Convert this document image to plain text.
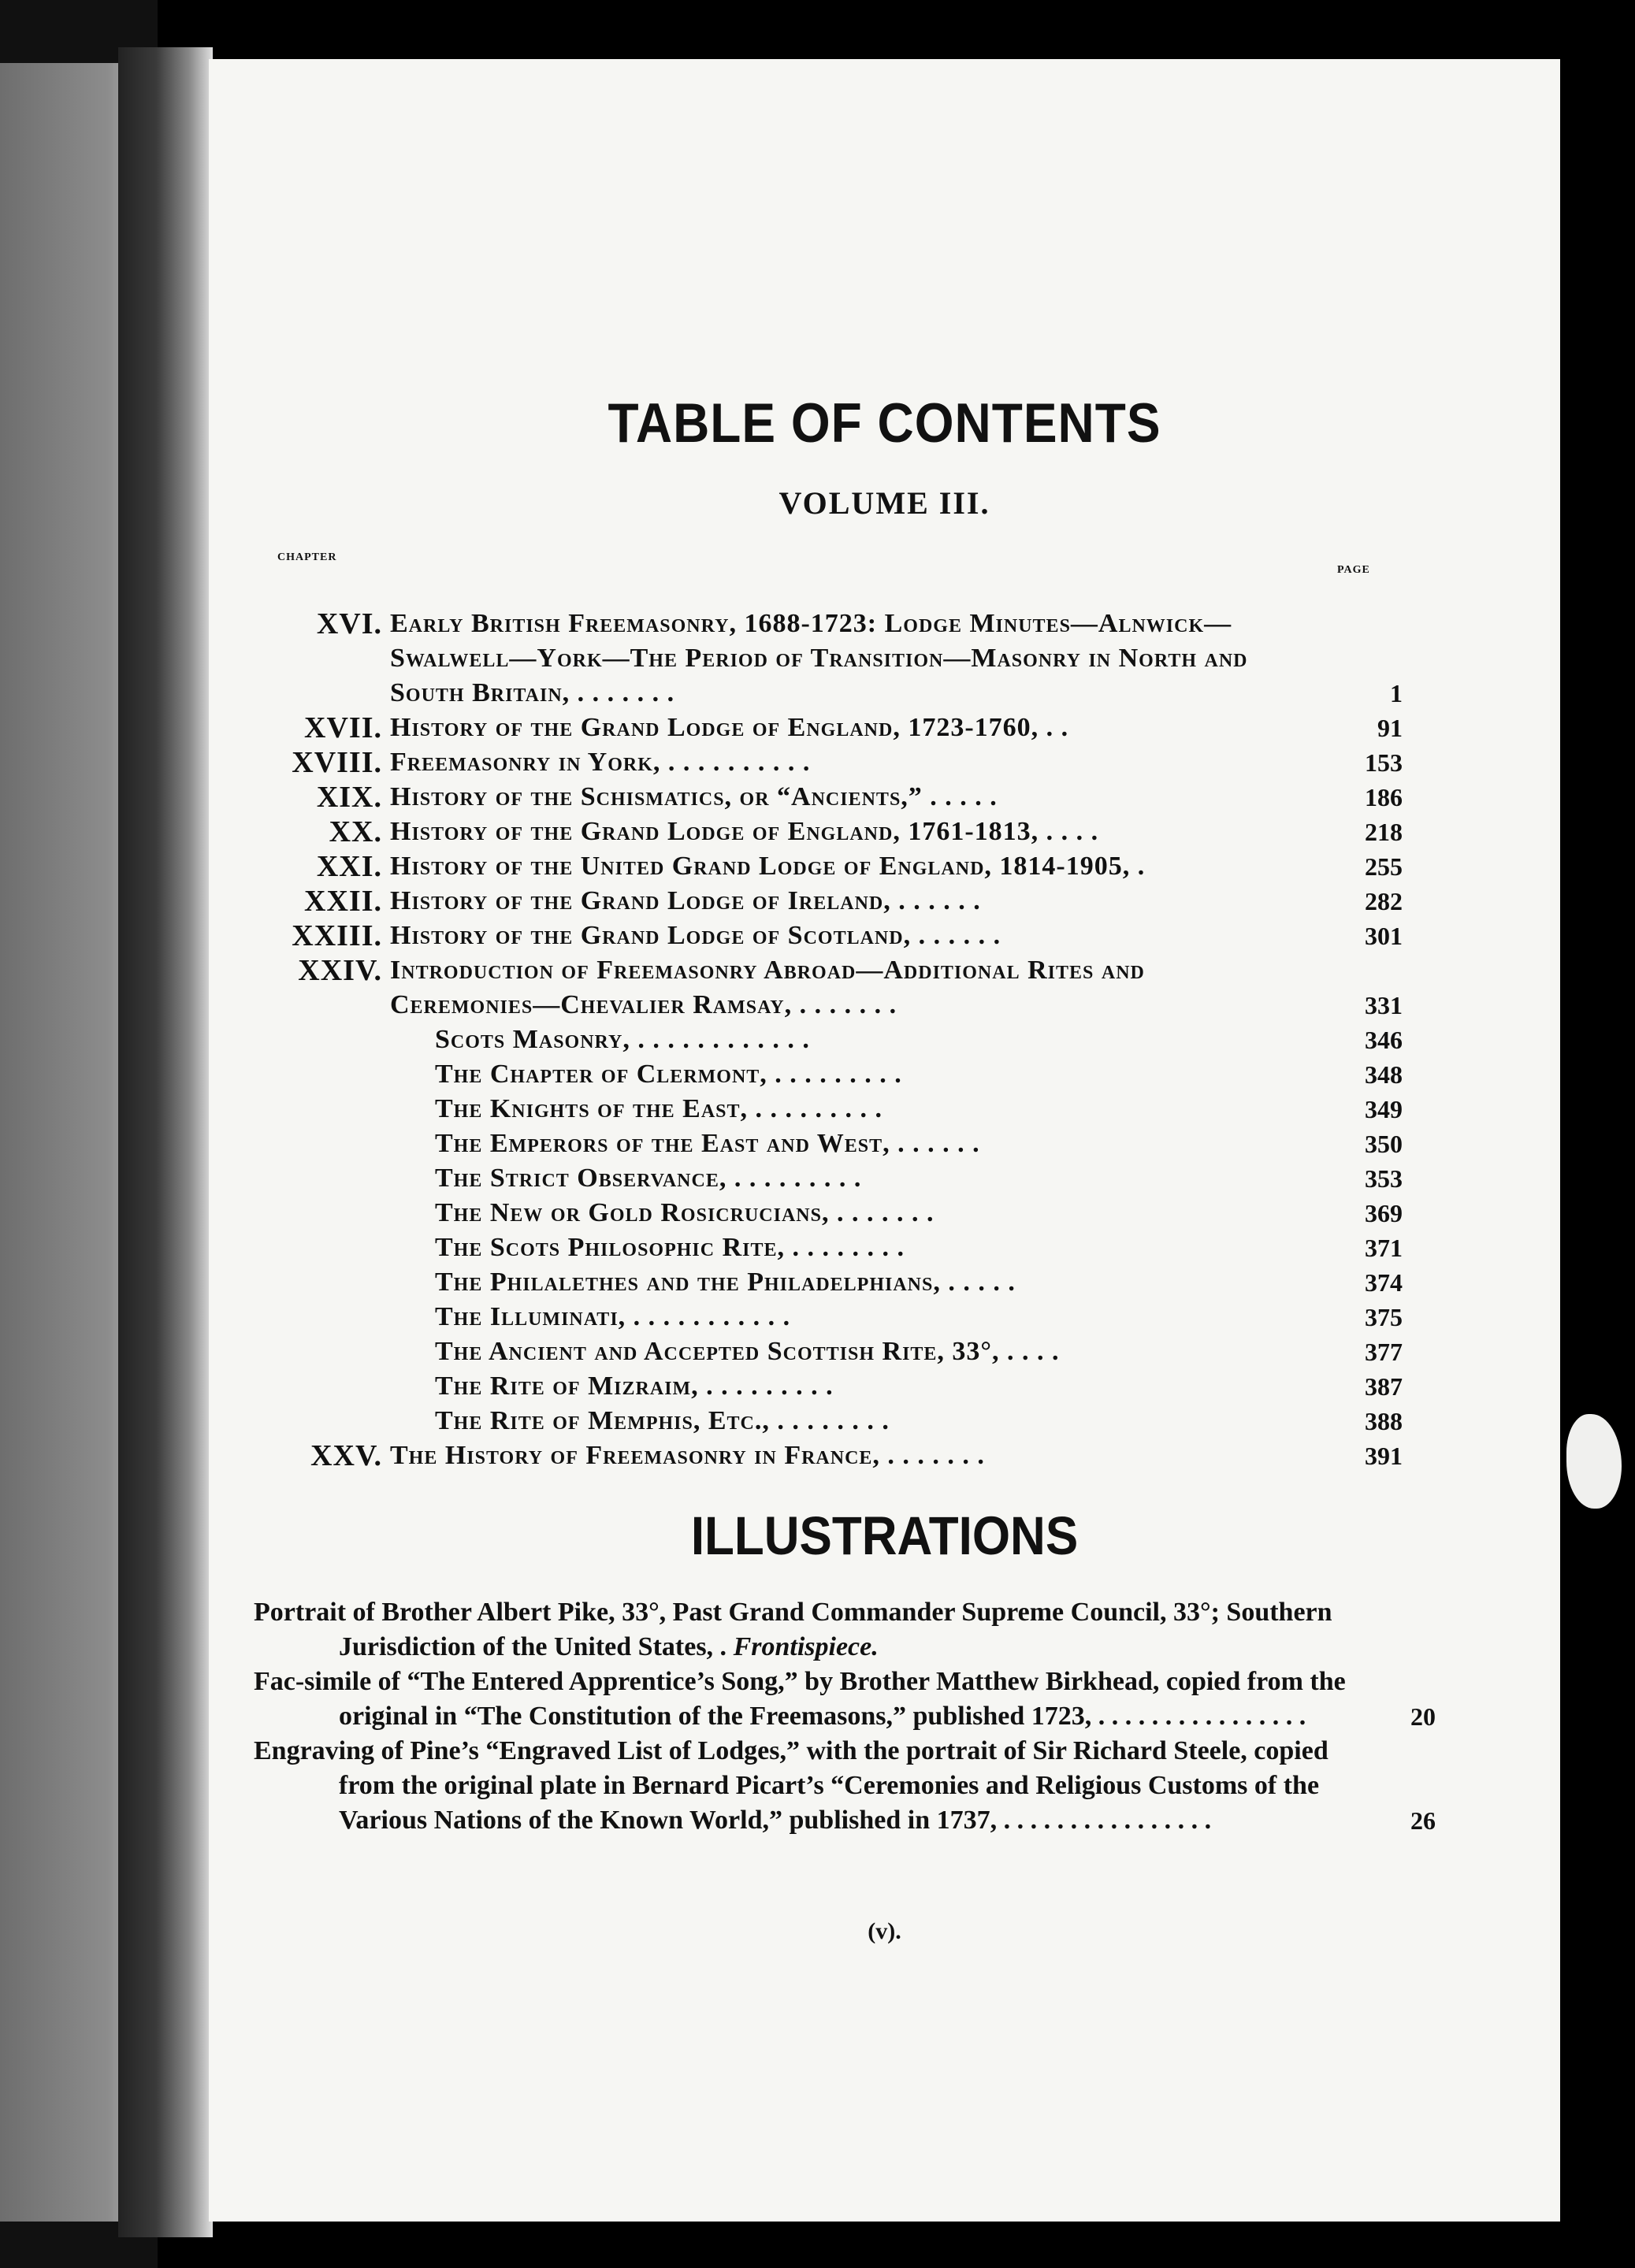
TABLE OF CONTENTS
VOLUME III.
CHAPTER
PAGE
XVI. Early British Freemasonry, 1688-1723: Lodge Minutes—Alnwick—Swalwell—York—The Period of Transition—Masonry in North and South Britain, . . . . . . .	1
XVII. History of the Grand Lodge of England, 1723-1760, . .	91
XVIII. Freemasonry in York, . . . . . . . . . .	153
XIX. History of the Schismatics, or “Ancients,” . . . . .	186
XX. History of the Grand Lodge of England, 1761-1813, . . . .	218
XXI. History of the United Grand Lodge of England, 1814-1905, .	255
XXII. History of the Grand Lodge of Ireland, . . . . . .	282
XXIII. History of the Grand Lodge of Scotland, . . . . . .	301
XXIV. Introduction of Freemasonry Abroad—Additional Rites and Ceremonies—Chevalier Ramsay, . . . . . . .	331
Scots Masonry, . . . . . . . . . . . .	346
The Chapter of Clermont, . . . . . . . . .	348
The Knights of the East, . . . . . . . . .	349
The Emperors of the East and West, . . . . . .	350
The Strict Observance, . . . . . . . . .	353
The New or Gold Rosicrucians, . . . . . . .	369
The Scots Philosophic Rite, . . . . . . . .	371
The Philalethes and the Philadelphians, . . . . .	374
The Illuminati, . . . . . . . . . . .	375
The Ancient and Accepted Scottish Rite, 33°, . . . .	377
The Rite of Mizraim, . . . . . . . . .	387
The Rite of Memphis, Etc., . . . . . . . .	388
XXV. The History of Freemasonry in France, . . . . . . .	391
ILLUSTRATIONS
Portrait of Brother Albert Pike, 33°, Past Grand Commander Supreme Council, 33°; Southern Jurisdiction of the United States, . Frontispiece.
Fac-simile of “The Entered Apprentice’s Song,” by Brother Matthew Birkhead, copied from the original in “The Constitution of the Freemasons,” published 1723, . . . . . . . . . . . . . . . .	20
Engraving of Pine’s “Engraved List of Lodges,” with the portrait of Sir Richard Steele, copied from the original plate in Bernard Picart’s “Ceremonies and Religious Customs of the Various Nations of the Known World,” published in 1737, . . . . . . . . . . . . . . . .	26
(v).
